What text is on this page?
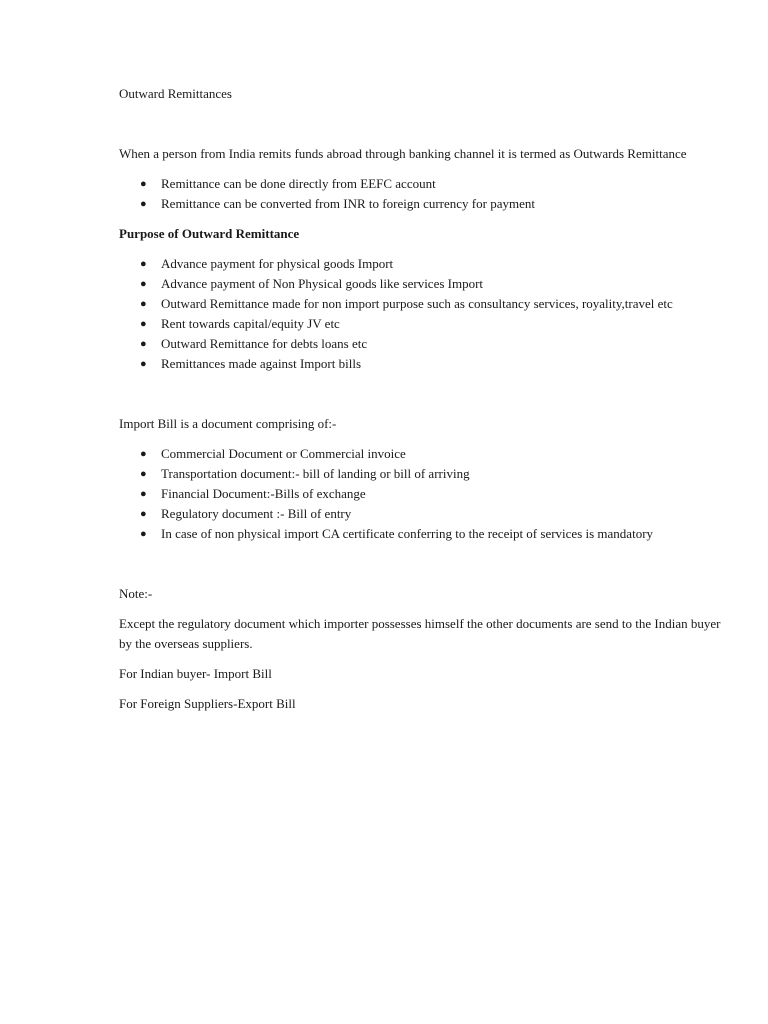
Outward Remittances

When a person from India remits funds abroad through banking channel it is termed as Outwards Remittance

● Remittance can be done directly from EEFC account
● Remittance can be converted from INR to foreign currency for payment

Purpose of Outward Remittance

● Advance payment for physical goods Import
● Advance payment of Non Physical goods like services Import
● Outward Remittance made for non import purpose such as consultancy services, royality,travel etc
● Rent towards capital/equity JV etc
● Outward Remittance for debts loans etc
● Remittances made against Import bills

Import Bill is a document comprising of:-

● Commercial Document or Commercial invoice
● Transportation document:- bill of landing or bill of arriving
● Financial Document:-Bills of exchange
● Regulatory document :- Bill of entry
● In case of non physical import CA certificate conferring to the receipt of services is mandatory

Note:-

Except the regulatory document which importer possesses himself the other documents are send to the Indian buyer by the overseas suppliers.

For Indian buyer- Import Bill

For Foreign Suppliers-Export Bill
